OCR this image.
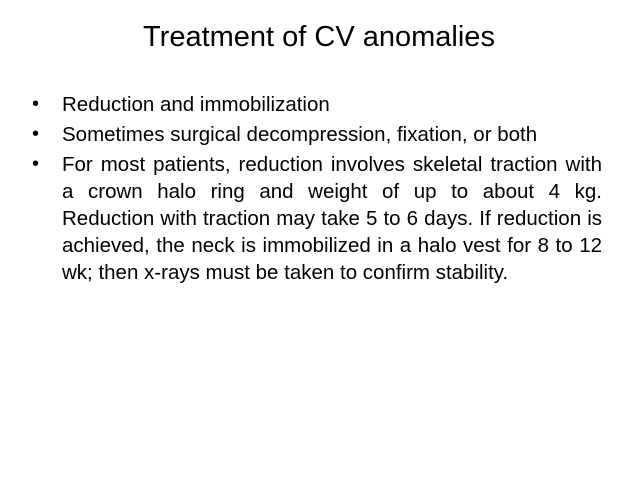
Treatment of CV anomalies
•	Reduction and immobilization
•	Sometimes surgical decompression, fixation, or both
•	For most patients, reduction involves skeletal traction with a crown halo ring and weight of up to about 4 kg. Reduction with traction may take 5 to 6 days. If reduction is achieved, the neck is immobilized in a halo vest for 8 to 12 wk; then x-rays must be taken to confirm stability.
